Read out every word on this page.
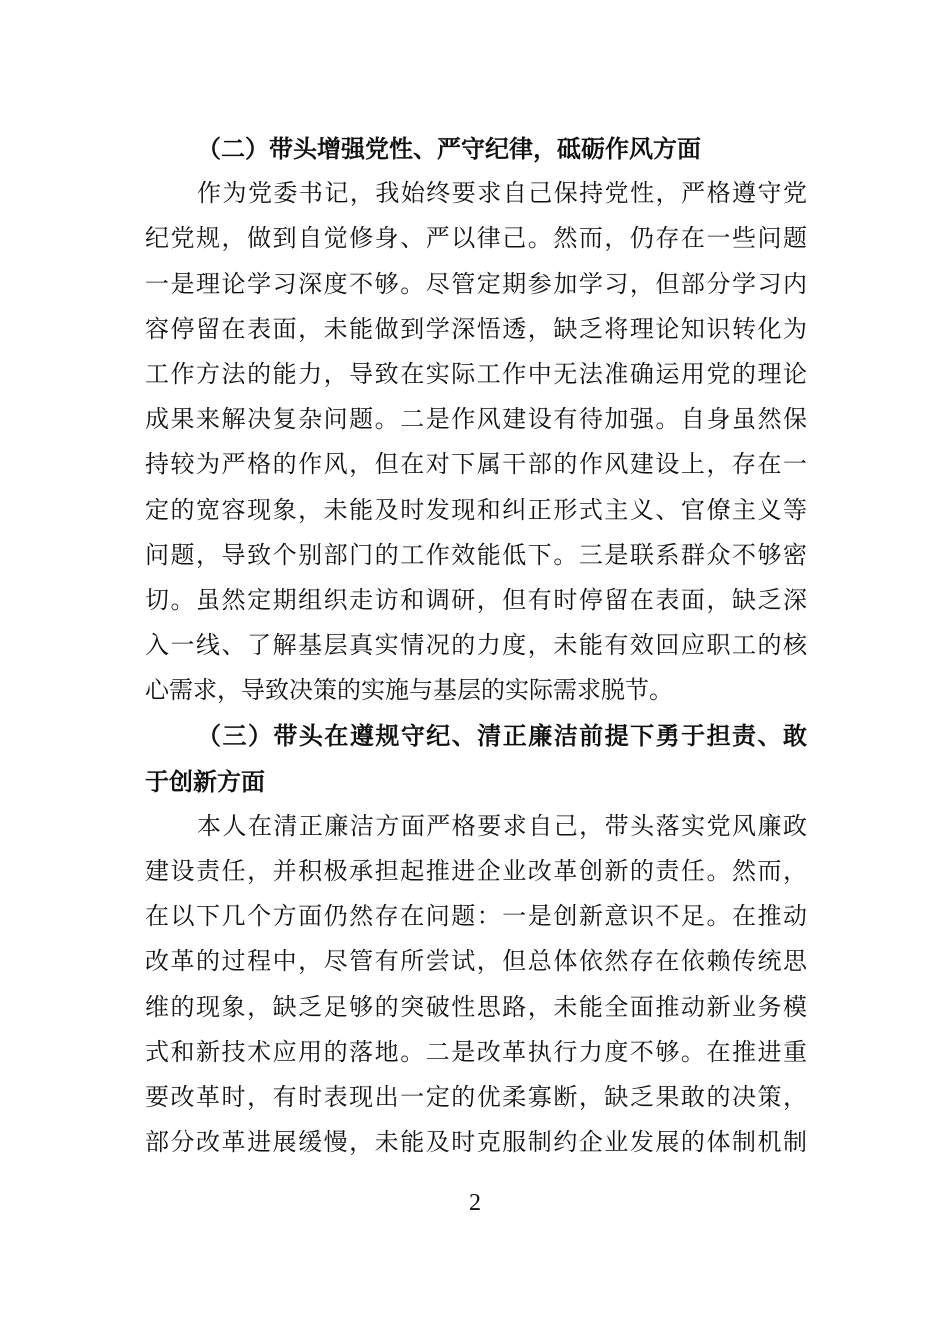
（二）带头增强党性、严守纪律，砥砺作风方面
作为党委书记，我始终要求自己保持党性，严格遵守党
纪党规，做到自觉修身、严以律己。然而，仍存在一些问题
一是理论学习深度不够。尽管定期参加学习，但部分学习内
容停留在表面，未能做到学深悟透，缺乏将理论知识转化为
工作方法的能力，导致在实际工作中无法准确运用党的理论
成果来解决复杂问题。二是作风建设有待加强。自身虽然保
持较为严格的作风，但在对下属干部的作风建设上，存在一
定的宽容现象，未能及时发现和纠正形式主义、官僚主义等
问题，导致个别部门的工作效能低下。三是联系群众不够密
切。虽然定期组织走访和调研，但有时停留在表面，缺乏深
入一线、了解基层真实情况的力度，未能有效回应职工的核
心需求，导致决策的实施与基层的实际需求脱节。
（三）带头在遵规守纪、清正廉洁前提下勇于担责、敢
于创新方面
本人在清正廉洁方面严格要求自己，带头落实党风廉政
建设责任，并积极承担起推进企业改革创新的责任。然而，
在以下几个方面仍然存在问题：一是创新意识不足。在推动
改革的过程中，尽管有所尝试，但总体依然存在依赖传统思
维的现象，缺乏足够的突破性思路，未能全面推动新业务模
式和新技术应用的落地。二是改革执行力度不够。在推进重
要改革时，有时表现出一定的优柔寡断，缺乏果敢的决策，
部分改革进展缓慢，未能及时克服制约企业发展的体制机制
2
